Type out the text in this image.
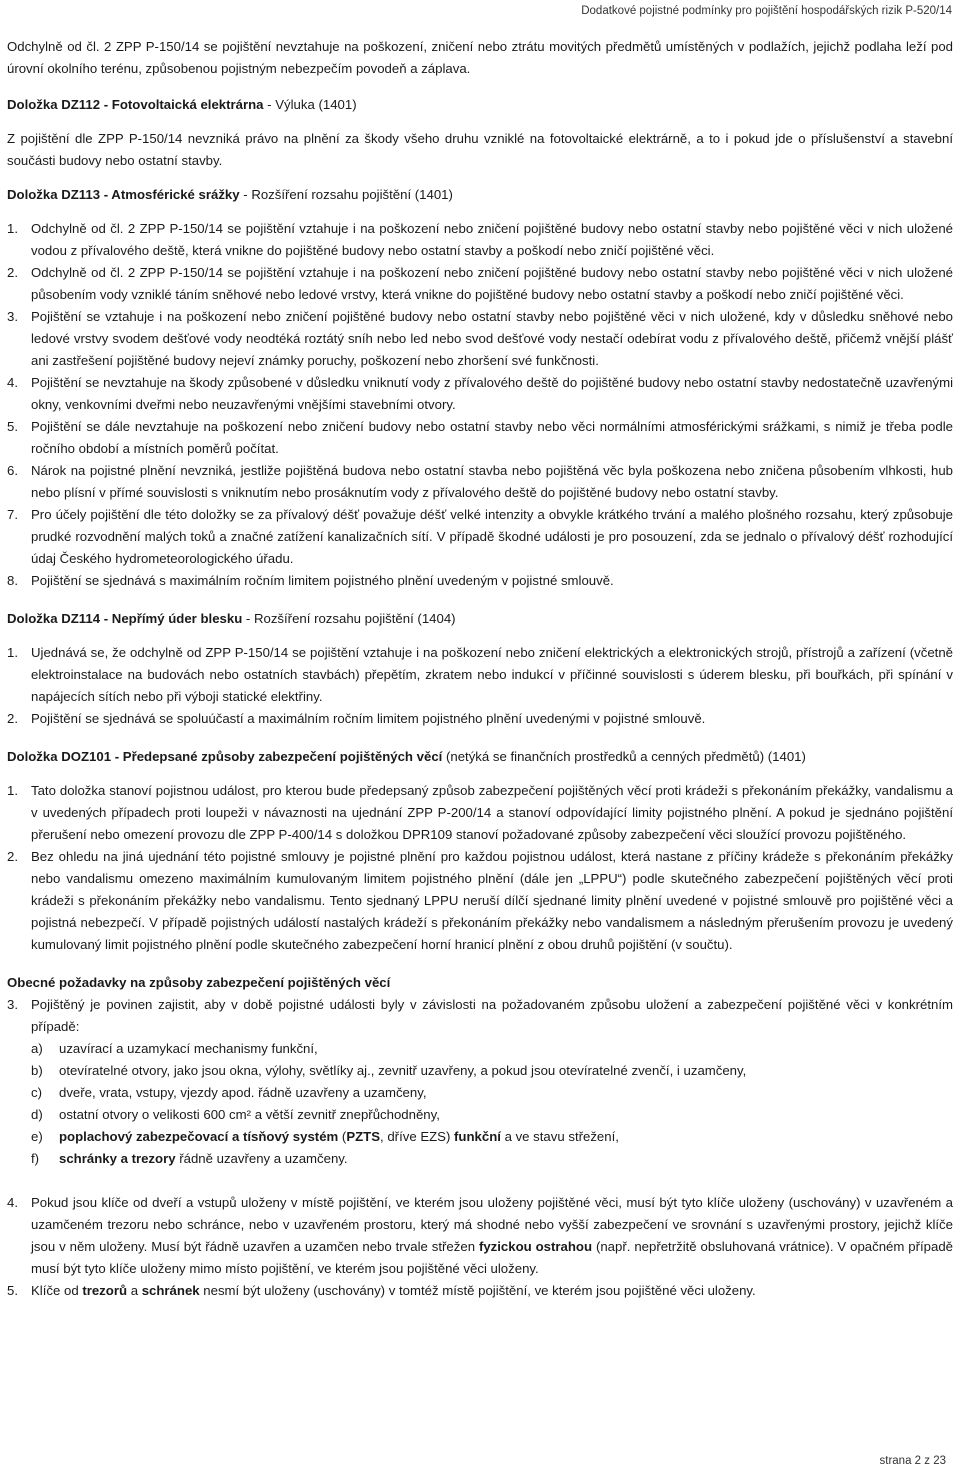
Dodatkové pojistné podmínky pro pojištění hospodářských rizik P-520/14

Odchylně od čl. 2 ZPP P-150/14 se pojištění nevztahuje na poškození, zničení nebo ztrátu movitých předmětů umístěných v podlažích, jejichž podlaha leží pod úrovní okolního terénu, způsobenou pojistným nebezpečím povodeň a záplava.

Doložka DZ112 - Fotovoltaická elektrárna - Výluka (1401)

Z pojištění dle ZPP P-150/14 nevzniká právo na plnění za škody všeho druhu vzniklé na fotovoltaické elektrárně, a to i pokud jde o příslušenství a stavební součásti budovy nebo ostatní stavby.

Doložka DZ113 - Atmosférické srážky - Rozšíření rozsahu pojištění (1401)

1. Odchylně od čl. 2 ZPP P-150/14 se pojištění vztahuje i na poškození nebo zničení pojištěné budovy nebo ostatní stavby nebo pojištěné věci v nich uložené vodou z přívalového deště, která vnikne do pojištěné budovy nebo ostatní stavby a poškodí nebo zničí pojištěné věci.
2. Odchylně od čl. 2 ZPP P-150/14 se pojištění vztahuje i na poškození nebo zničení pojištěné budovy nebo ostatní stavby nebo pojištěné věci v nich uložené působením vody vzniklé táním sněhové nebo ledové vrstvy, která vnikne do pojištěné budovy nebo ostatní stavby a poškodí nebo zničí pojištěné věci.
3. Pojištění se vztahuje i na poškození nebo zničení pojištěné budovy nebo ostatní stavby nebo pojištěné věci v nich uložené, kdy v důsledku sněhové nebo ledové vrstvy svodem dešťové vody neodtéká roztátý sníh nebo led nebo svod dešťové vody nestačí odebírat vodu z přívalového deště, přičemž vnější plášť ani zastřešení pojištěné budovy nejeví známky poruchy, poškození nebo zhoršení své funkčnosti.
4. Pojištění se nevztahuje na škody způsobené v důsledku vniknutí vody z přívalového deště do pojištěné budovy nebo ostatní stavby nedostatečně uzavřenými okny, venkovními dveřmi nebo neuzavřenými vnějšími stavebními otvory.
5. Pojištění se dále nevztahuje na poškození nebo zničení budovy nebo ostatní stavby nebo věci normálními atmosférickými srážkami, s nimiž je třeba podle ročního období a místních poměrů počítat.
6. Nárok na pojistné plnění nevzniká, jestliže pojištěná budova nebo ostatní stavba nebo pojištěná věc byla poškozena nebo zničena působením vlhkosti, hub nebo plísní v přímé souvislosti s vniknutím nebo prosáknutím vody z přívalového deště do pojištěné budovy nebo ostatní stavby.
7. Pro účely pojištění dle této doložky se za přívalový déšť považuje déšť velké intenzity a obvykle krátkého trvání a malého plošného rozsahu, který způsobuje prudké rozvodnění malých toků a značné zatížení kanalizačních sítí. V případě škodné události je pro posouzení, zda se jednalo o přívalový déšť rozhodující údaj Českého hydrometeorologického úřadu.
8. Pojištění se sjednává s maximálním ročním limitem pojistného plnění uvedeným v pojistné smlouvě.

Doložka DZ114 - Nepřímý úder blesku - Rozšíření rozsahu pojištění (1404)

1. Ujednává se, že odchylně od ZPP P-150/14 se pojištění vztahuje i na poškození nebo zničení elektrických a elektronických strojů, přístrojů a zařízení (včetně elektroinstalace na budovách nebo ostatních stavbách) přepětím, zkratem nebo indukcí v příčinné souvislosti s úderem blesku, při bouřkách, při spínání v napájecích sítích nebo při výboji statické elektřiny.
2. Pojištění se sjednává se spoluúčastí a maximálním ročním limitem pojistného plnění uvedenými v pojistné smlouvě.

Doložka DOZ101 - Předepsané způsoby zabezpečení pojištěných věcí (netýká se finančních prostředků a cenných předmětů) (1401)

1. Tato doložka stanoví pojistnou událost, pro kterou bude předepsaný způsob zabezpečení pojištěných věcí proti krádeži s překonáním překážky, vandalismu a v uvedených případech proti loupeži v návaznosti na ujednání ZPP P-200/14 a stanoví odpovídající limity pojistného plnění. A pokud je sjednáno pojištění přerušení nebo omezení provozu dle ZPP P-400/14 s doložkou DPR109 stanoví požadované způsoby zabezpečení věci sloužící provozu pojištěného.
2. Bez ohledu na jiná ujednání této pojistné smlouvy je pojistné plnění pro každou pojistnou událost, která nastane z příčiny krádeže s překonáním překážky nebo vandalismu omezeno maximálním kumulovaným limitem pojistného plnění (dále jen „LPPU“) podle skutečného zabezpečení pojištěných věcí proti krádeži s překonáním překážky nebo vandalismu. Tento sjednaný LPPU neruší dílčí sjednané limity plnění uvedené v pojistné smlouvě pro pojištěné věci a pojistná nebezpečí. V případě pojistných událostí nastalých krádeží s překonáním překážky nebo vandalismem a následným přerušením provozu je uvedený kumulovaný limit pojistného plnění podle skutečného zabezpečení horní hranicí plnění z obou druhů pojištění (v součtu).

Obecné požadavky na způsoby zabezpečení pojištěných věcí

3. Pojištěný je povinen zajistit, aby v době pojistné události byly v závislosti na požadovaném způsobu uložení a zabezpečení pojištěné věci v konkrétním případě:
a) uzavírací a uzamykací mechanismy funkční,
b) otevíratelné otvory, jako jsou okna, výlohy, světlíky aj., zevnitř uzavřeny, a pokud jsou otevíratelné zvenčí, i uzamčeny,
c) dveře, vrata, vstupy, vjezdy apod. řádně uzavřeny a uzamčeny,
d) ostatní otvory o velikosti 600 cm² a větší zevnitř znepřůchodněny,
e) poplachový zabezpečovací a tísňový systém (PZTS, dříve EZS) funkční a ve stavu střežení,
f) schránky a trezory řádně uzavřeny a uzamčeny.
4. Pokud jsou klíče od dveří a vstupů uloženy v místě pojištění, ve kterém jsou uloženy pojištěné věci, musí být tyto klíče uloženy (uschovány) v uzavřeném a uzamčeném trezoru nebo schránce, nebo v uzavřeném prostoru, který má shodné nebo vyšší zabezpečení ve srovnání s uzavřenými prostory, jejichž klíče jsou v něm uloženy. Musí být řádně uzavřen a uzamčen nebo trvale střežen fyzickou ostrahou (např. nepřetržitě obsluhovaná vrátnice). V opačném případě musí být tyto klíče uloženy mimo místo pojištění, ve kterém jsou pojištěné věci uloženy.
5. Klíče od trezorů a schránek nesmí být uloženy (uschovány) v tomtéž místě pojištění, ve kterém jsou pojištěné věci uloženy.
strana 2 z 23
